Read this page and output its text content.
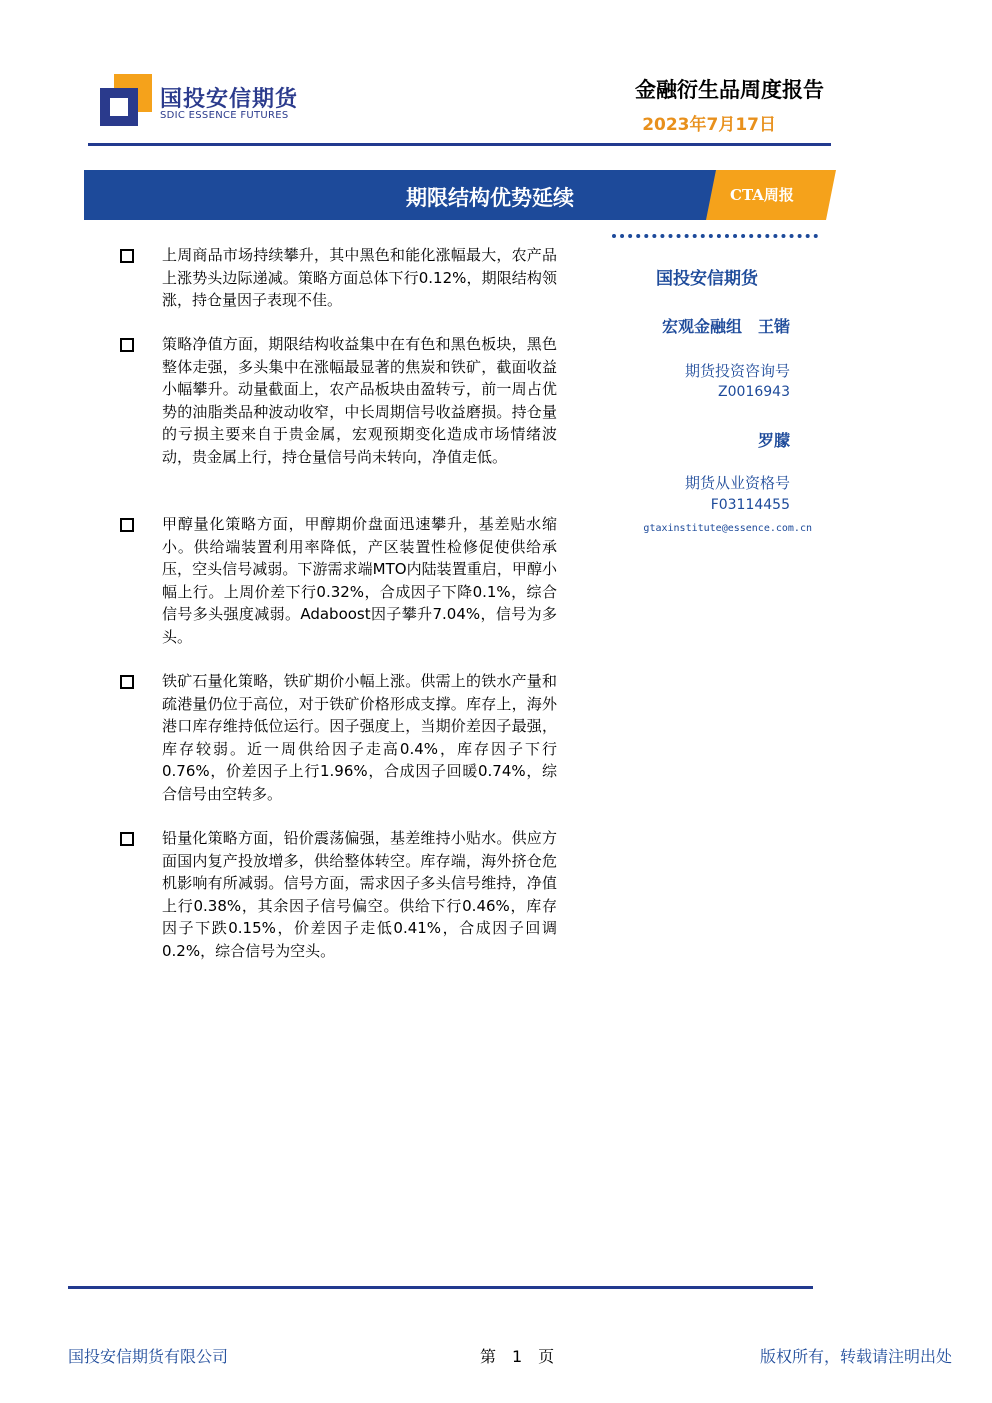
国投安信期货
SDIC ESSENCE FUTURES
金融衍生品周度报告
2023年7月17日
期限结构优势延续	CTA周报
国投安信期货
宏观金融组　王锴
期货投资咨询号
Z0016943
罗朦
期货从业资格号
F03114455
gtaxinstitute@essence.com.cn
上周商品市场持续攀升，其中黑色和能化涨幅最大，农产品上涨势头边际递减。策略方面总体下行0.12%，期限结构领涨，持仓量因子表现不佳。
策略净值方面，期限结构收益集中在有色和黑色板块，黑色整体走强，多头集中在涨幅最显著的焦炭和铁矿，截面收益小幅攀升。动量截面上，农产品板块由盈转亏，前一周占优势的油脂类品种波动收窄，中长周期信号收益磨损。持仓量的亏损主要来自于贵金属，宏观预期变化造成市场情绪波动，贵金属上行，持仓量信号尚未转向，净值走低。
甲醇量化策略方面，甲醇期价盘面迅速攀升，基差贴水缩小。供给端装置利用率降低，产区装置性检修促使供给承压，空头信号减弱。下游需求端MTO内陆装置重启，甲醇小幅上行。上周价差下行0.32%，合成因子下降0.1%，综合信号多头强度减弱。Adaboost因子攀升7.04%，信号为多头。
铁矿石量化策略，铁矿期价小幅上涨。供需上的铁水产量和疏港量仍位于高位，对于铁矿价格形成支撑。库存上，海外港口库存维持低位运行。因子强度上，当期价差因子最强，库存较弱。近一周供给因子走高0.4%，库存因子下行0.76%，价差因子上行1.96%，合成因子回暖0.74%，综合信号由空转多。
铅量化策略方面，铅价震荡偏强，基差维持小贴水。供应方面国内复产投放增多，供给整体转空。库存端，海外挤仓危机影响有所减弱。信号方面，需求因子多头信号维持，净值上行0.38%，其余因子信号偏空。供给下行0.46%，库存因子下跌0.15%，价差因子走低0.41%，合成因子回调0.2%，综合信号为空头。
国投安信期货有限公司	第　1　页	版权所有，转载请注明出处
